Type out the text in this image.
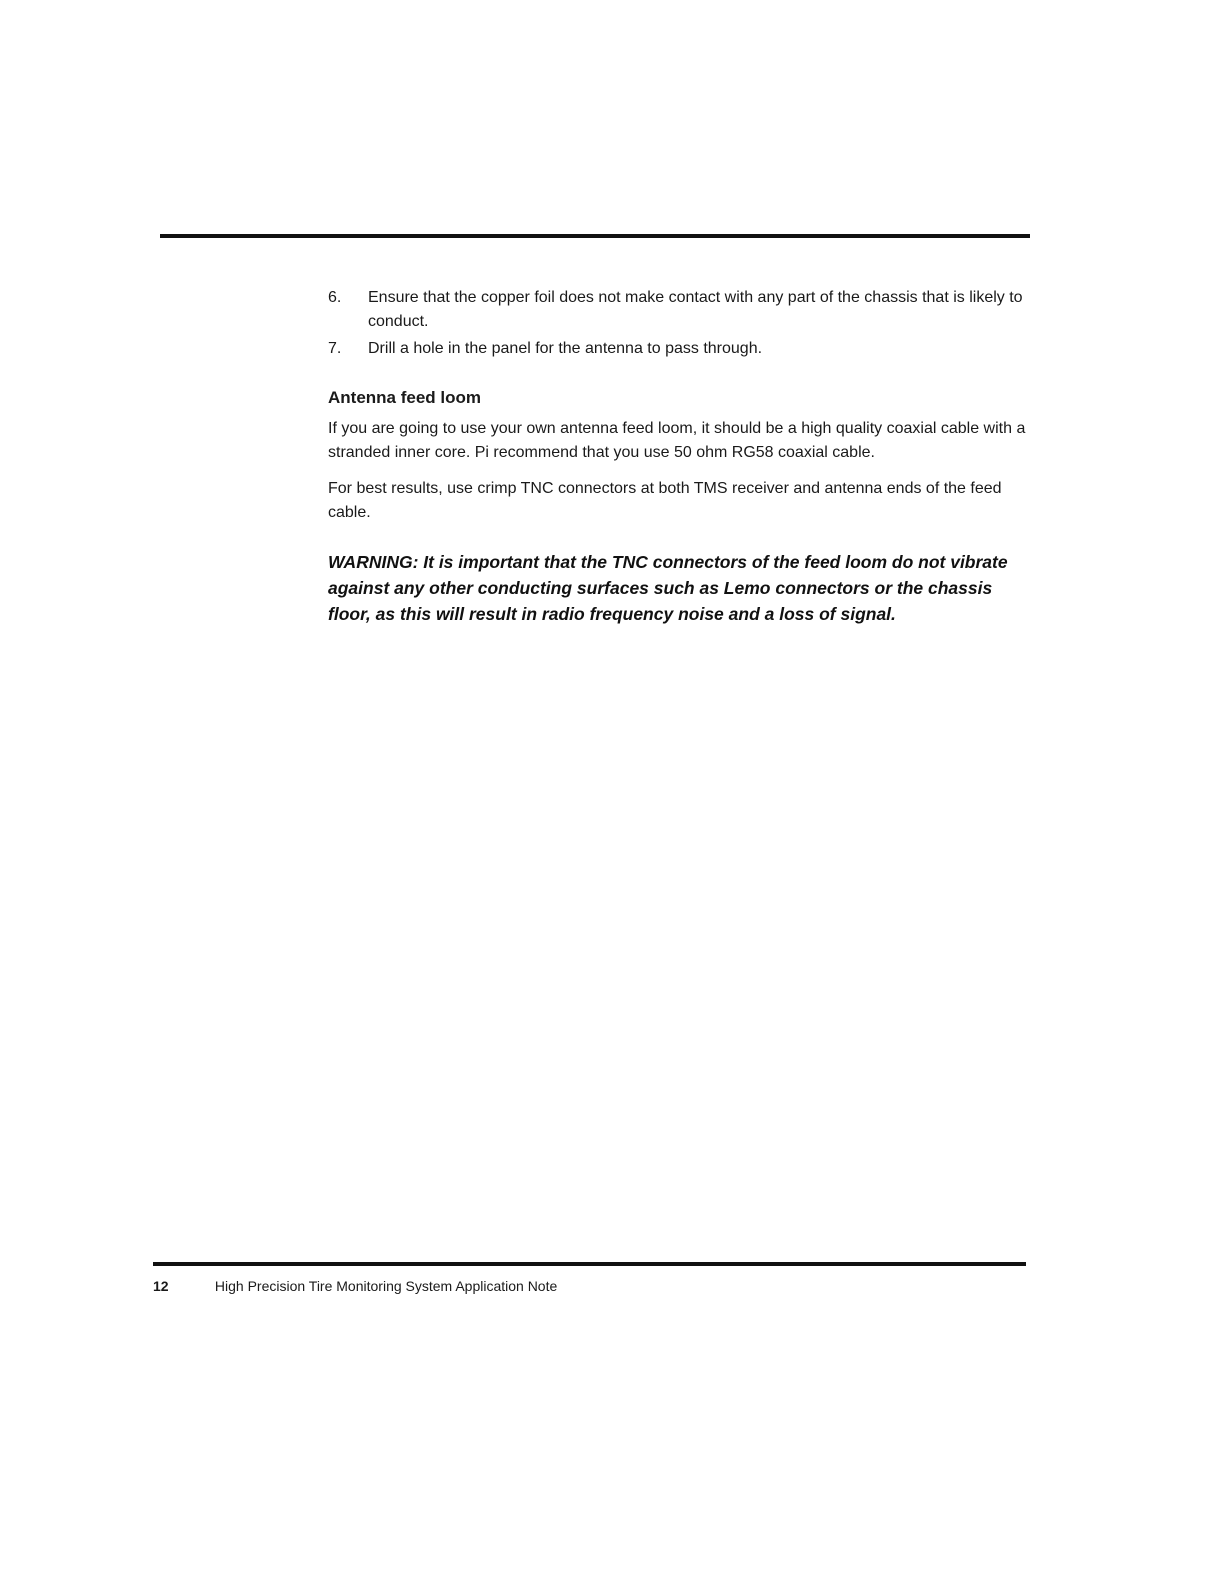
6. Ensure that the copper foil does not make contact with any part of the chassis that is likely to conduct.

7. Drill a hole in the panel for the antenna to pass through.

Antenna feed loom

If you are going to use your own antenna feed loom, it should be a high quality coaxial cable with a stranded inner core. Pi recommend that you use 50 ohm RG58 coaxial cable.

For best results, use crimp TNC connectors at both TMS receiver and antenna ends of the feed cable.

WARNING: It is important that the TNC connectors of the feed loom do not vibrate against any other conducting surfaces such as Lemo connectors or the chassis floor, as this will result in radio frequency noise and a loss of signal.

12	High Precision Tire Monitoring System Application Note
